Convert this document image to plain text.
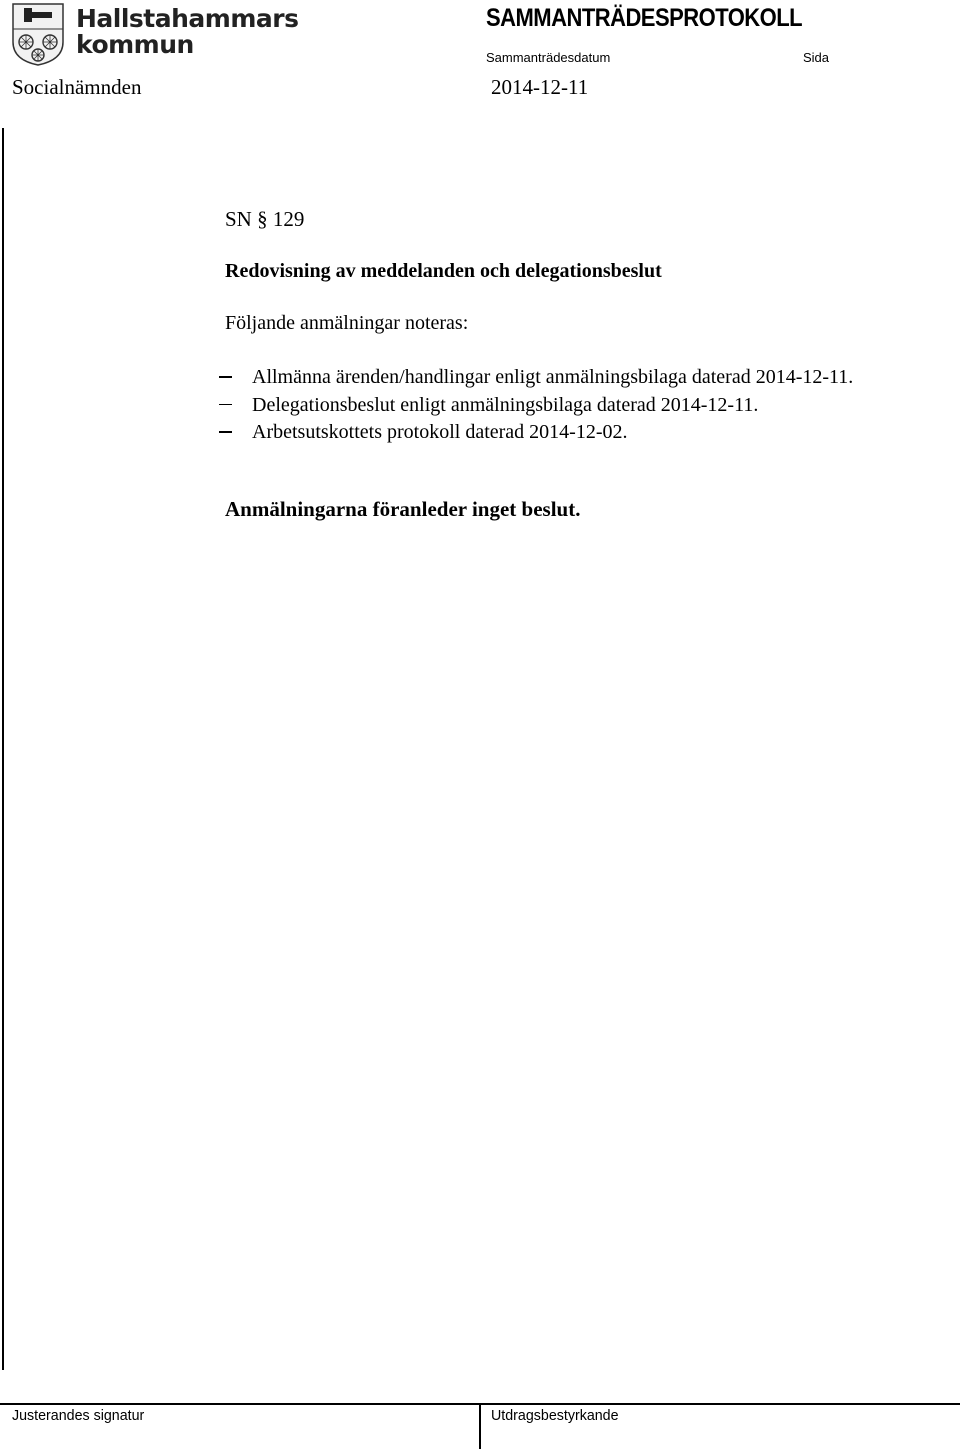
Hallstahammars
kommun
SAMMANTRÄDESPROTOKOLL
Sammanträdesdatum	Sida
Socialnämnden	2014-12-11
SN § 129
Redovisning av meddelanden och delegationsbeslut
Följande anmälningar noteras:
Allmänna ärenden/handlingar enligt anmälningsbilaga daterad 2014-12-11.
Delegationsbeslut enligt anmälningsbilaga daterad 2014-12-11.
Arbetsutskottets protokoll daterad 2014-12-02.
Anmälningarna föranleder inget beslut.
Justerandes signatur	Utdragsbestyrkande
